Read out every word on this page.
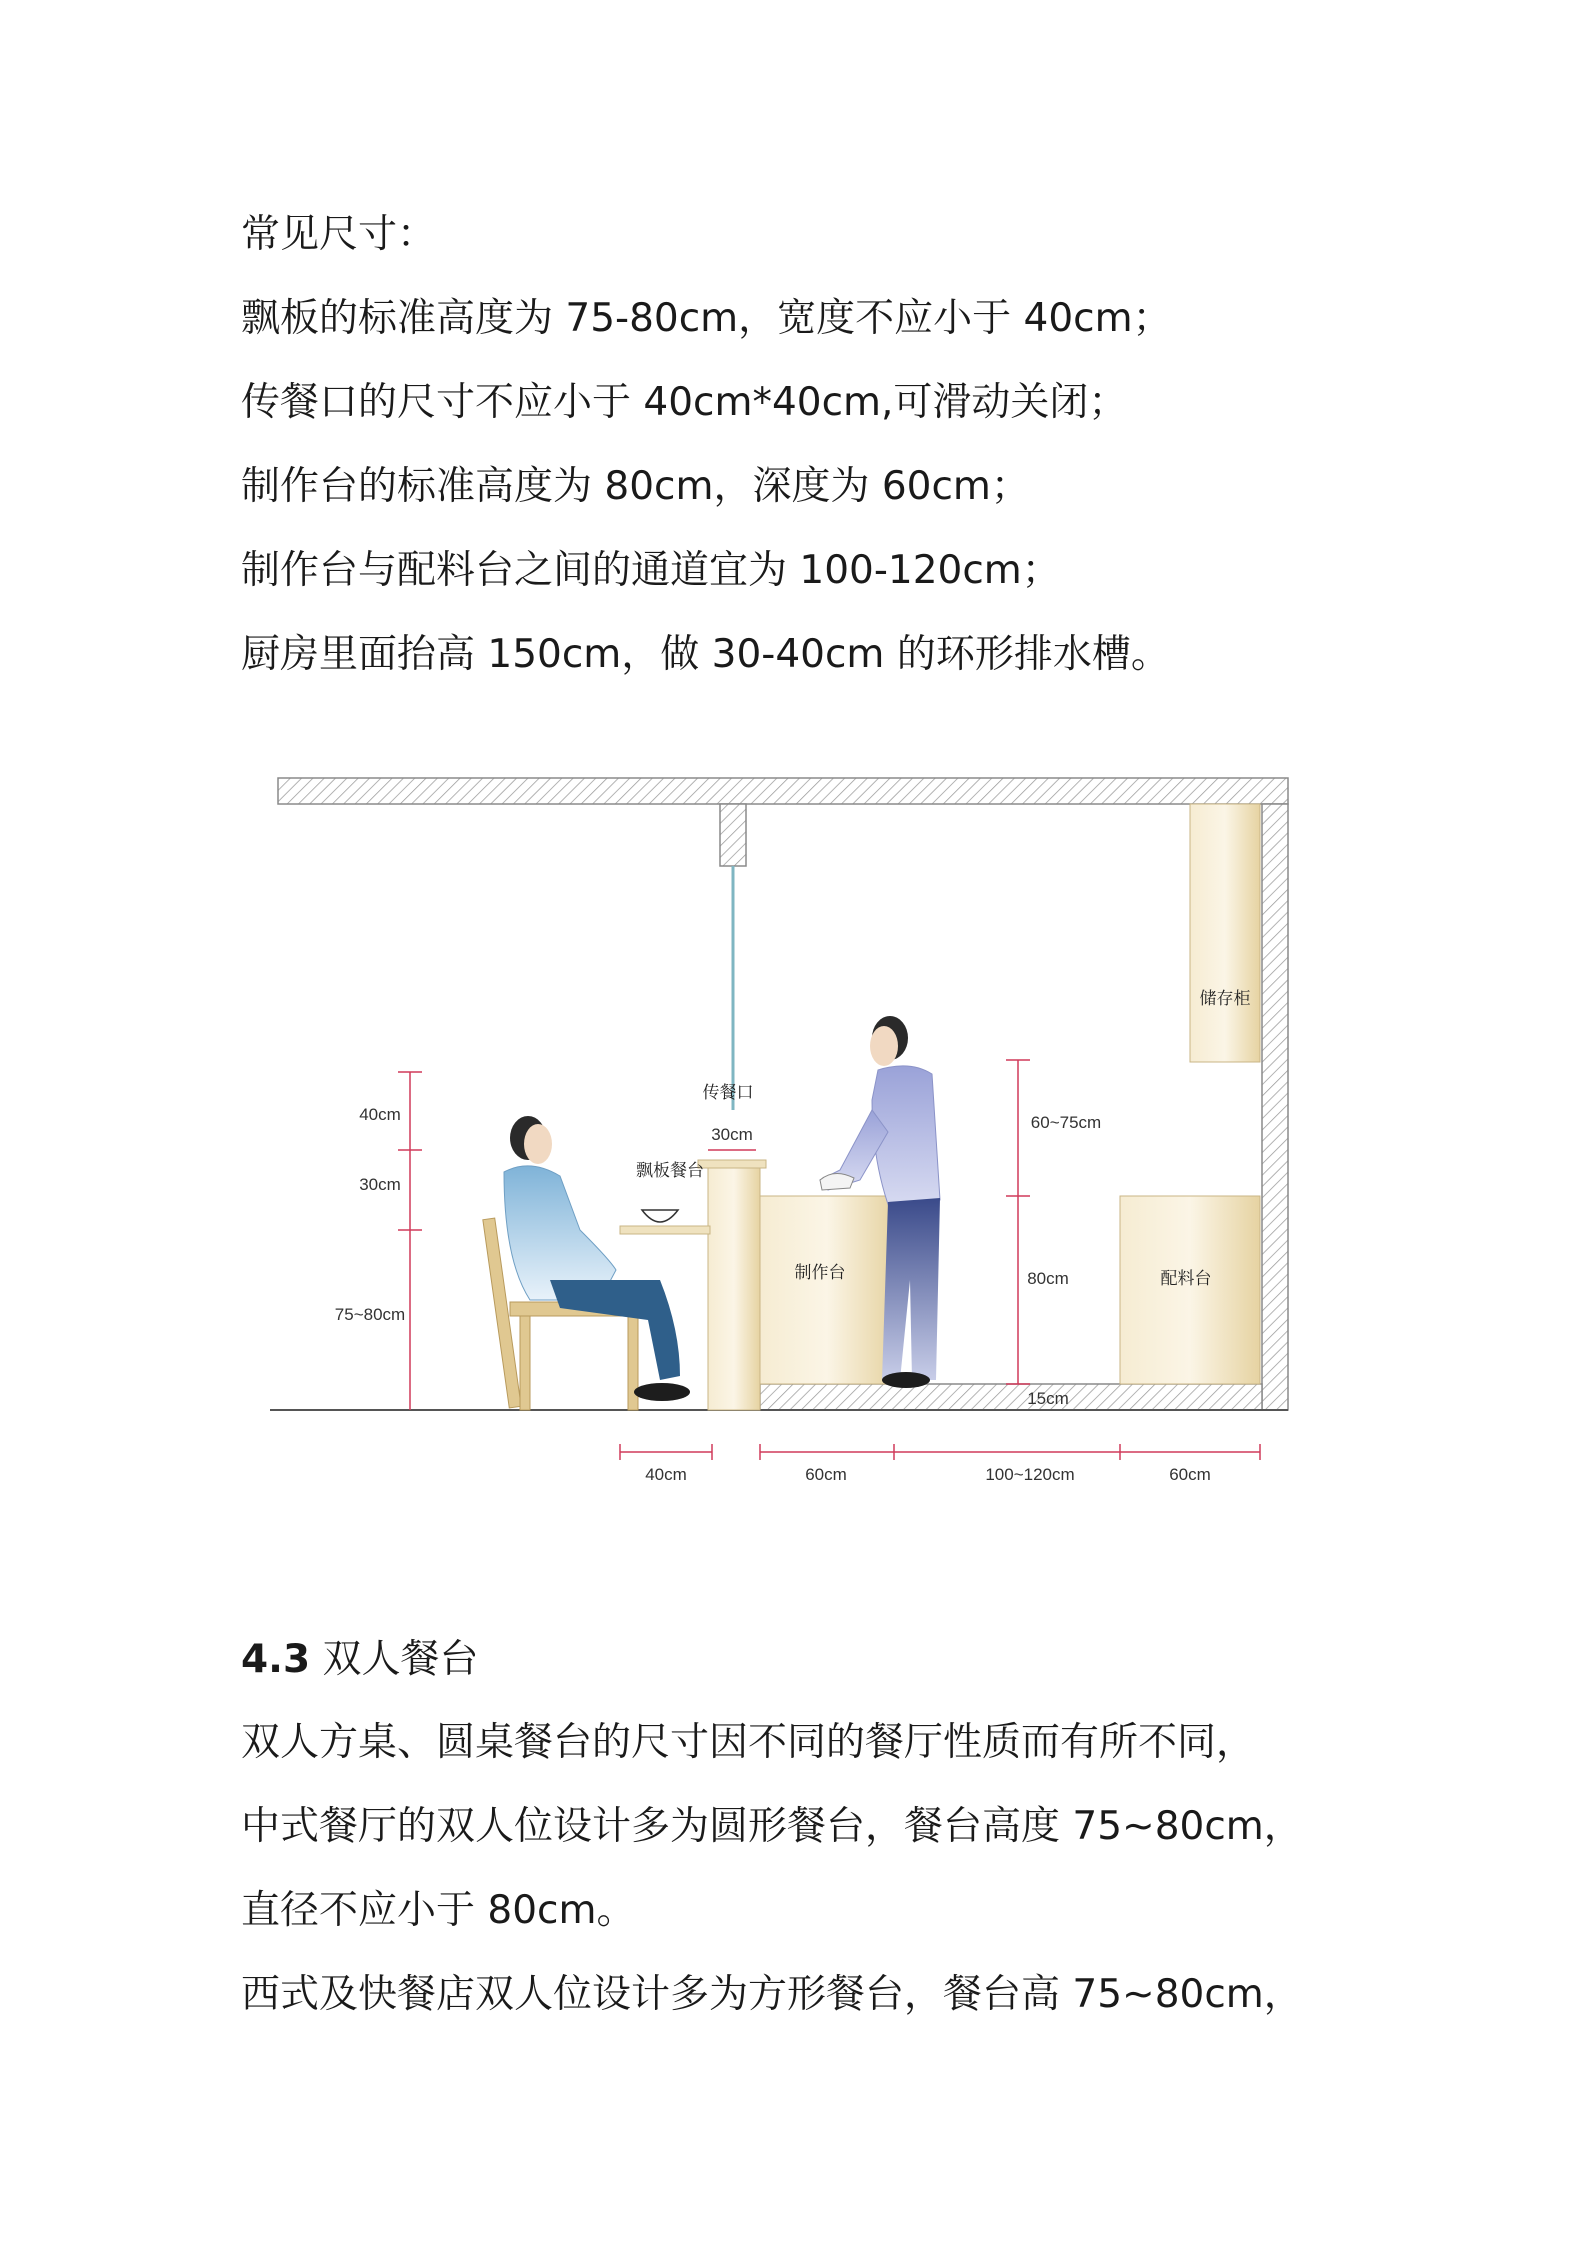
常见尺寸：
飘板的标准高度为 75-80cm，宽度不应小于 40cm；
传餐口的尺寸不应小于 40cm*40cm,可滑动关闭；
制作台的标准高度为 80cm，深度为 60cm；
制作台与配料台之间的通道宜为 100-120cm；
厨房里面抬高 150cm，做 30-40cm 的环形排水槽。
储存柜
飘板餐台
制作台	配料台
传餐口
30cm
40cm
30cm
75~80cm
60~75cm
80cm
15cm
40cm	60cm	100~120cm	60cm
4.3 双人餐台
双人方桌、圆桌餐台的尺寸因不同的餐厅性质而有所不同，
中式餐厅的双人位设计多为圆形餐台，餐台高度 75~80cm，
直径不应小于 80cm。
西式及快餐店双人位设计多为方形餐台，餐台高 75~80cm，
